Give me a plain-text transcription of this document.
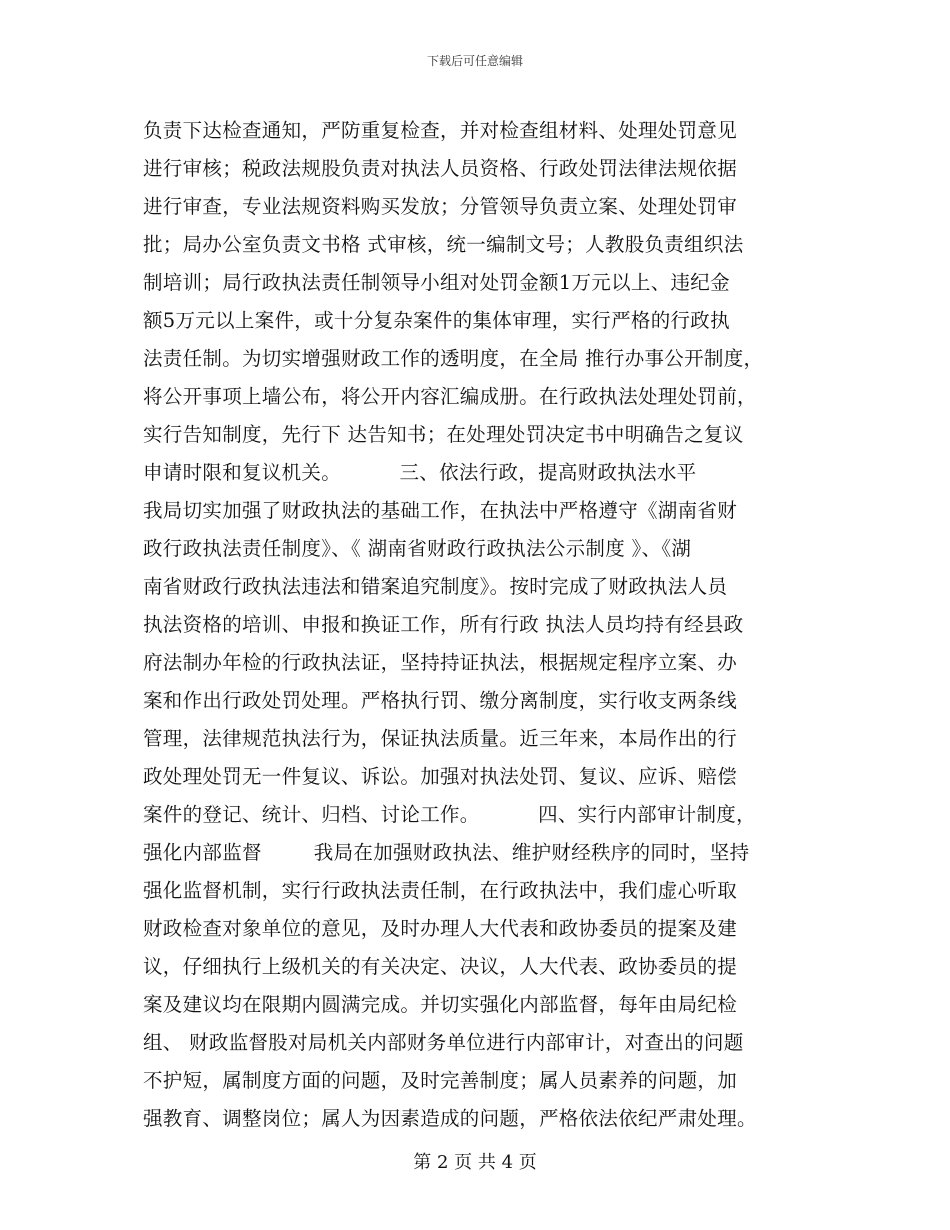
下载后可任意编辑
负责下达检查通知，严防重复检查，并对检查组材料、处理处罚意见
进行审核；税政法规股负责对执法人员资格、行政处罚法律法规依据
进行审查，专业法规资料购买发放；分管领导负责立案、处理处罚审
批；局办公室负责文书格 式审核，统一编制文号；人教股负责组织法
制培训；局行政执法责任制领导小组对处罚金额1万元以上、违纪金
额5万元以上案件，或十分复杂案件的集体审理，实行严格的行政执
法责任制。为切实增强财政工作的透明度，在全局 推行办事公开制度，
将公开事项上墙公布，将公开内容汇编成册。在行政执法处理处罚前，
实行告知制度，先行下 达告知书；在处理处罚决定书中明确告之复议
申请时限和复议机关。         三、依法行政，提高财政执法水平
我局切实加强了财政执法的基础工作，在执法中严格遵守《湖南省财
政行政执法责任制度》、《 湖南省财政行政执法公示制度 》、《湖
南省财政行政执法违法和错案追究制度》。按时完成了财政执法人员
执法资格的培训、申报和换证工作，所有行政 执法人员均持有经县政
府法制办年检的行政执法证，坚持持证执法，根据规定程序立案、办
案和作出行政处罚处理。严格执行罚、缴分离制度，实行收支两条线
管理，法律规范执法行为，保证执法质量。近三年来，本局作出的行
政处理处罚无一件复议、诉讼。加强对执法处罚、复议、应诉、赔偿
案件的登记、统计、归档、讨论工作。         四、实行内部审计制度，
强化内部监督        我局在加强财政执法、维护财经秩序的同时，坚持
强化监督机制，实行行政执法责任制，在行政执法中，我们虚心听取
财政检查对象单位的意见，及时办理人大代表和政协委员的提案及建
议，仔细执行上级机关的有关决定、决议，人大代表、政协委员的提
案及建议均在限期内圆满完成。并切实强化内部监督，每年由局纪检
组、 财政监督股对局机关内部财务单位进行内部审计，对查出的问题
不护短，属制度方面的问题，及时完善制度；属人员素养的问题，加
强教育、调整岗位；属人为因素造成的问题，严格依法依纪严肃处理。
第 2 页 共 4 页
